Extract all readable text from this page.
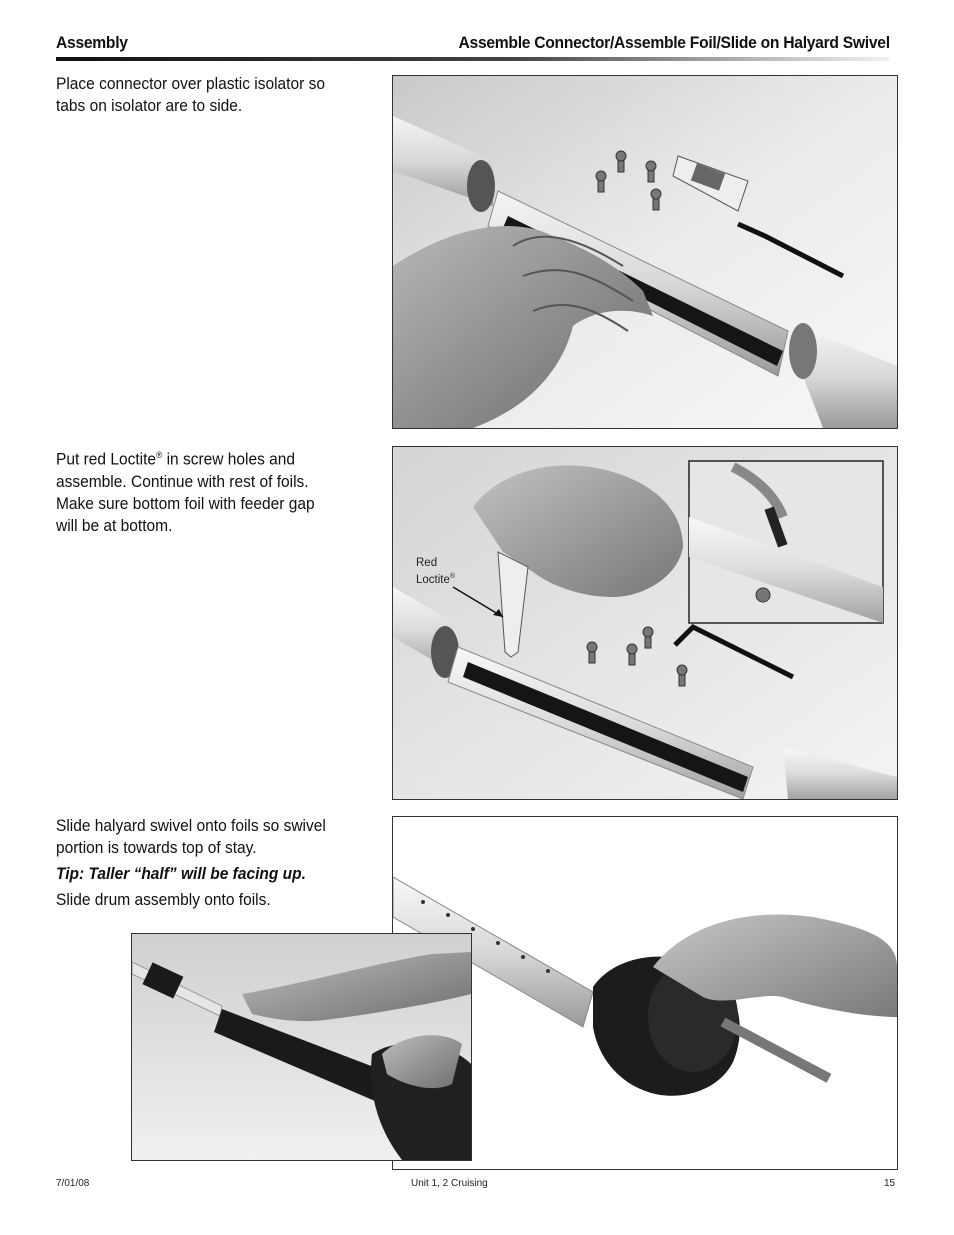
Assembly	Assemble Connector/Assemble Foil/Slide on Halyard Swivel

Place connector over plastic isolator so tabs on isolator are to side.

Put red Loctite® in screw holes and assemble. Continue with rest of foils. Make sure bottom foil with feeder gap will be at bottom.

Red
Loctite®

Slide halyard swivel onto foils so swivel portion is towards top of stay.

Tip: Taller “half” will be facing up.

Slide drum assembly onto foils.

7/01/08	Unit 1, 2 Cruising	15
